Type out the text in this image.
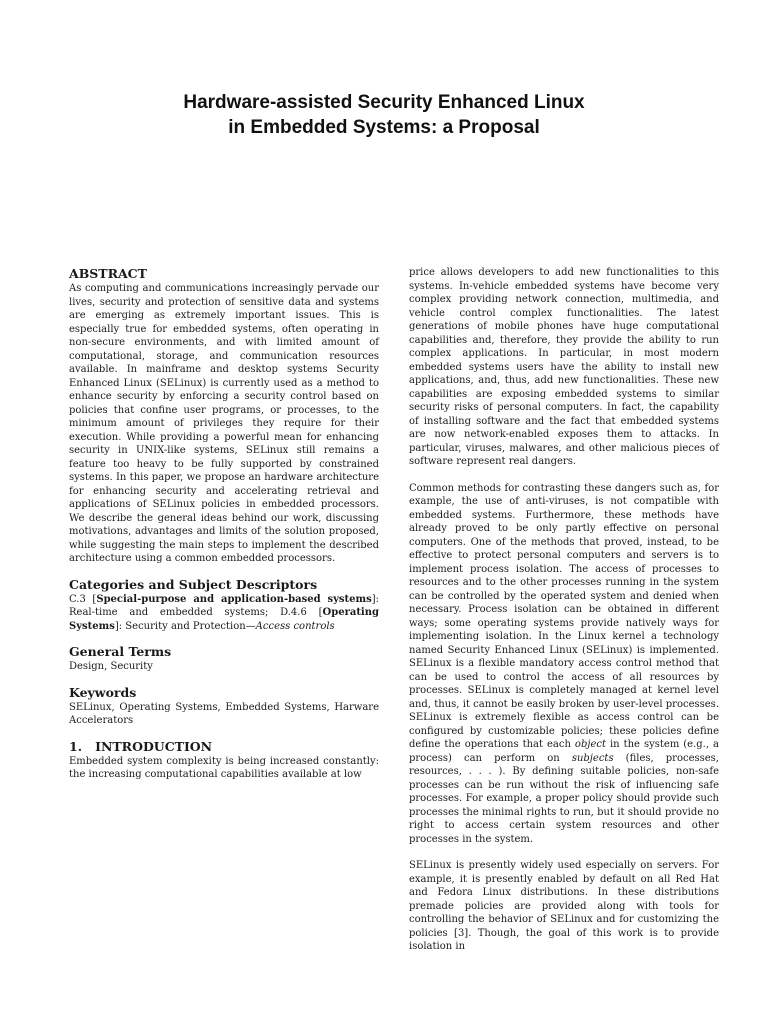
Hardware-assisted Security Enhanced Linux
in Embedded Systems: a Proposal
ABSTRACT

As computing and communications increasingly pervade our lives, security and protection of sensitive data and systems are emerging as extremely important issues. This is especially true for embedded systems, often operating in non-secure environments, and with limited amount of computational, storage, and communication resources available. In mainframe and desktop systems Security Enhanced Linux (SELinux) is currently used as a method to enhance security by enforcing a security control based on policies that confine user programs, or processes, to the minimum amount of privileges they require for their execution. While providing a powerful mean for enhancing security in UNIX-like systems, SELinux still remains a feature too heavy to be fully supported by constrained systems. In this paper, we propose an hardware architecture for enhancing security and accelerating retrieval and applications of SELinux policies in embedded processors. We describe the general ideas behind our work, discussing motivations, advantages and limits of the solution proposed, while suggesting the main steps to implement the described architecture using a common embedded processors.

Categories and Subject Descriptors

C.3 [Special-purpose and application-based systems]: Real-time and embedded systems; D.4.6 [Operating Systems]: Security and Protection—Access controls

General Terms

Design, Security

Keywords

SELinux, Operating Systems, Embedded Systems, Harware Accelerators

1.   INTRODUCTION

Embedded system complexity is being increased constantly: the increasing computational capabilities available at low

price allows developers to add new functionalities to this systems. In-vehicle embedded systems have become very complex providing network connection, multimedia, and vehicle control complex functionalities. The latest generations of mobile phones have huge computational capabilities and, therefore, they provide the ability to run complex applications. In particular, in most modern embedded systems users have the ability to install new applications, and, thus, add new functionalities. These new capabilities are exposing embedded systems to similar security risks of personal computers. In fact, the capability of installing software and the fact that embedded systems are now network-enabled exposes them to attacks. In particular, viruses, malwares, and other malicious pieces of software represent real dangers.

Common methods for contrasting these dangers such as, for example, the use of anti-viruses, is not compatible with embedded systems. Furthermore, these methods have already proved to be only partly effective on personal computers. One of the methods that proved, instead, to be effective to protect personal computers and servers is to implement process isolation. The access of processes to resources and to the other processes running in the system can be controlled by the operated system and denied when necessary. Process isolation can be obtained in different ways; some operating systems provide natively ways for implementing isolation. In the Linux kernel a technology named Security Enhanced Linux (SELinux) is implemented. SELinux is a flexible mandatory access control method that can be used to control the access of all resources by processes. SELinux is completely managed at kernel level and, thus, it cannot be easily broken by user-level processes. SELinux is extremely flexible as access control can be configured by customizable policies; these policies define define the operations that each object in the system (e.g., a process) can perform on subjects (files, processes, resources, . . . ). By defining suitable policies, non-safe processes can be run without the risk of influencing safe processes. For example, a proper policy should provide such processes the minimal rights to run, but it should provide no right to access certain system resources and other processes in the system.

SELinux is presently widely used especially on servers. For example, it is presently enabled by default on all Red Hat and Fedora Linux distributions. In these distributions premade policies are provided along with tools for controlling the behavior of SELinux and for customizing the policies [3]. Though, the goal of this work is to provide isolation in
